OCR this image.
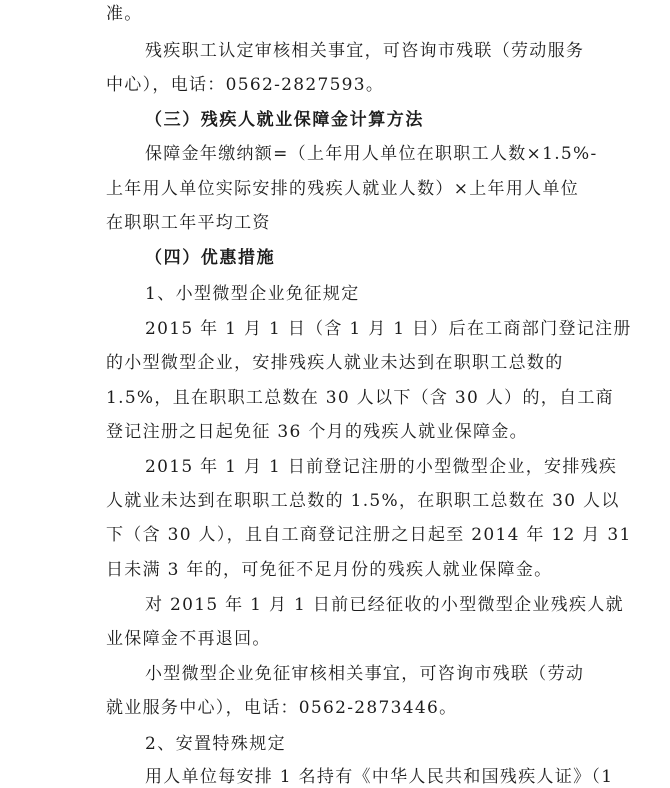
准。
残疾职工认定审核相关事宜，可咨询市残联（劳动服务
中心），电话：0562-2827593。
（三）残疾人就业保障金计算方法
保障金年缴纳额=（上年用人单位在职职工人数×1.5%-
上年用人单位实际安排的残疾人就业人数）×上年用人单位
在职职工年平均工资
（四）优惠措施
1、小型微型企业免征规定
2015 年 1 月 1 日（含 1 月 1 日）后在工商部门登记注册
的小型微型企业，安排残疾人就业未达到在职职工总数的
1.5%，且在职职工总数在 30 人以下（含 30 人）的，自工商
登记注册之日起免征 36 个月的残疾人就业保障金。
2015 年 1 月 1 日前登记注册的小型微型企业，安排残疾
人就业未达到在职职工总数的 1.5%，在职职工总数在 30 人以
下（含 30 人），且自工商登记注册之日起至 2014 年 12 月 31
日未满 3 年的，可免征不足月份的残疾人就业保障金。
对 2015 年 1 月 1 日前已经征收的小型微型企业残疾人就
业保障金不再退回。
小型微型企业免征审核相关事宜，可咨询市残联（劳动
就业服务中心），电话：0562-2873446。
2、安置特殊规定
用人单位每安排 1 名持有《中华人民共和国残疾人证》（1
